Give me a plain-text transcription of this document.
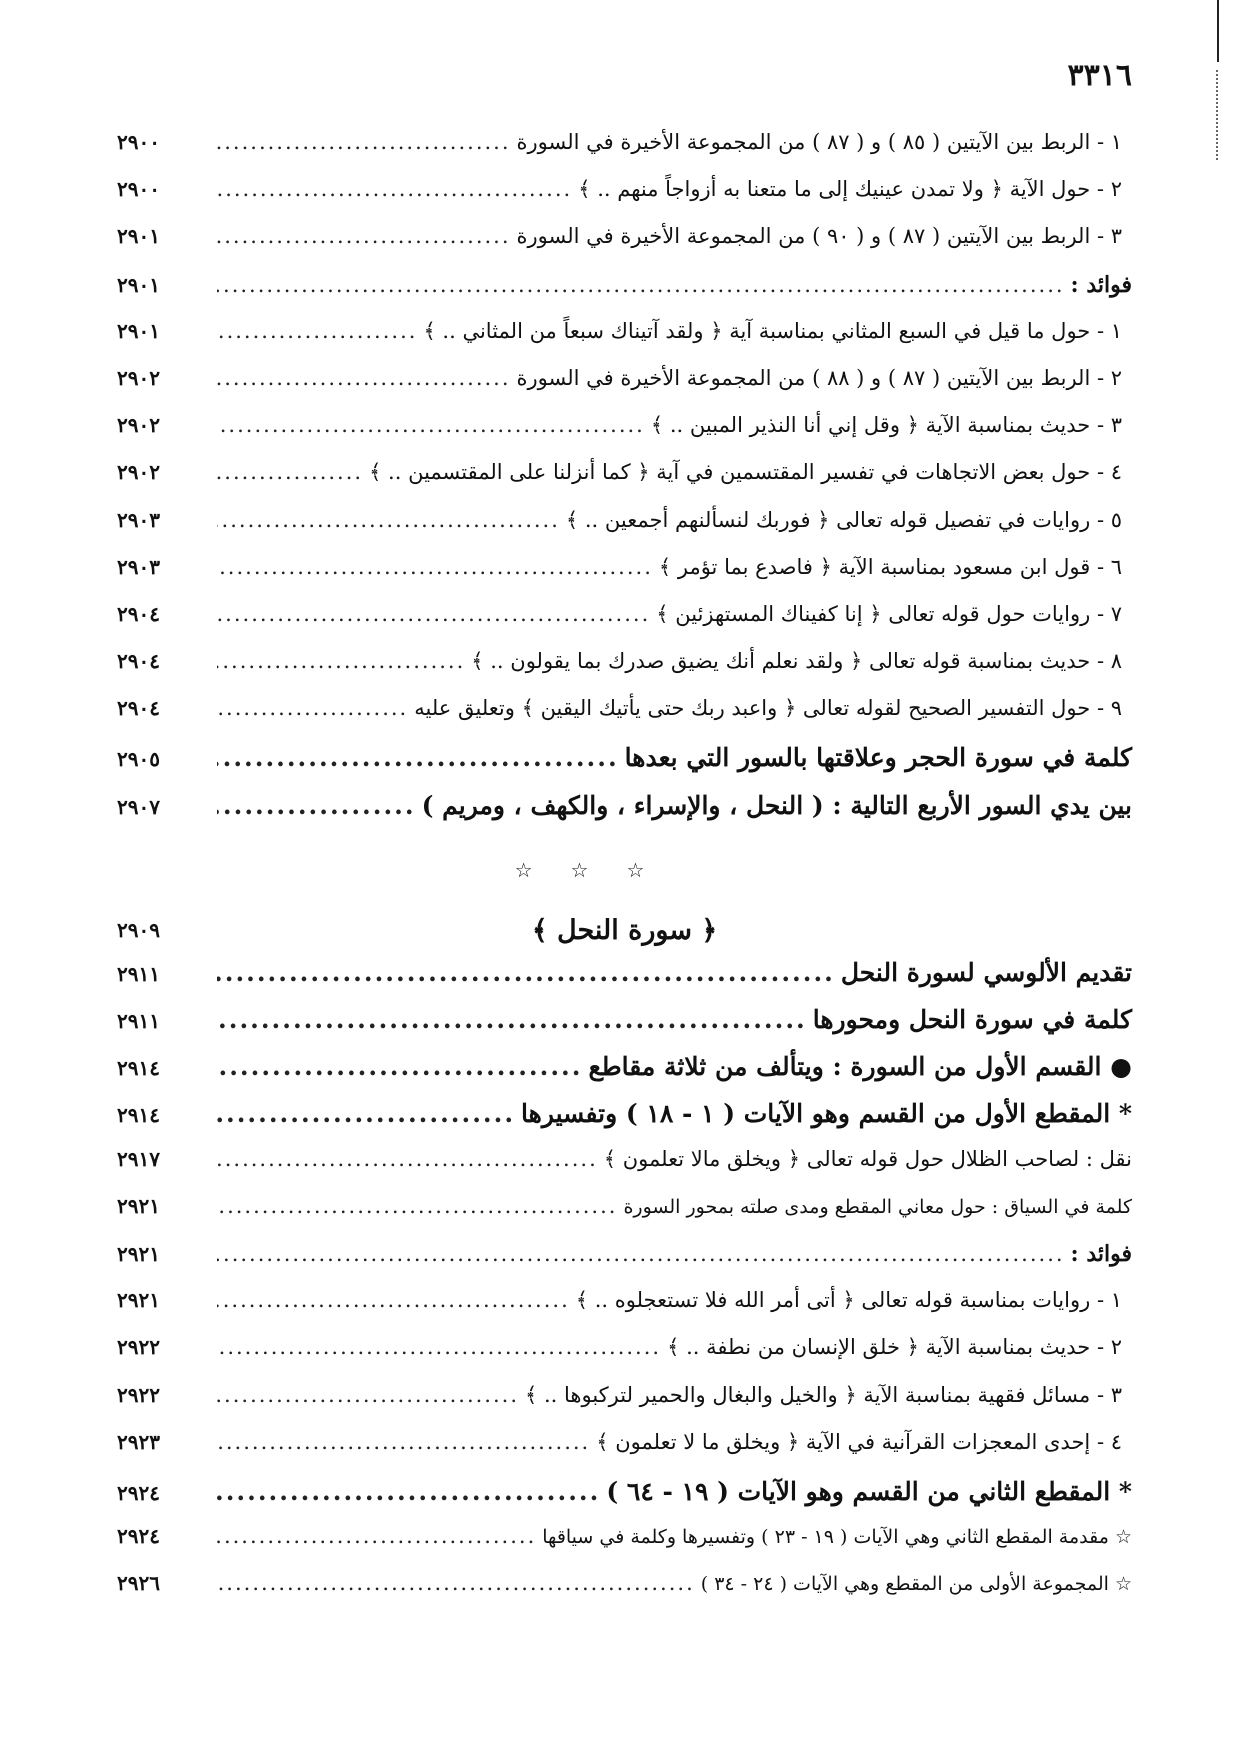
٣٣١٦
١ - الربط بين الآيتين ( ٨٥ ) و ( ٨٧ ) من المجموعة الأخيرة في السورة
.....
٢٩٠٠
٢ - حول الآية ﴿ ولا تمدن عينيك إلى ما متعنا به أزواجاً منهم .. ﴾
.....
٢٩٠٠
٣ - الربط بين الآيتين ( ٨٧ ) و ( ٩٠ ) من المجموعة الأخيرة في السورة
.....
٢٩٠١
فوائد :
.....
٢٩٠١
١ - حول ما قيل في السبع المثاني بمناسبة آية ﴿ ولقد آتيناك سبعاً من المثاني .. ﴾
.....
٢٩٠١
٢ - الربط بين الآيتين ( ٨٧ ) و ( ٨٨ ) من المجموعة الأخيرة في السورة
.....
٢٩٠٢
٣ - حديث بمناسبة الآية ﴿ وقل إني أنا النذير المبين .. ﴾
.....
٢٩٠٢
٤ - حول بعض الاتجاهات في تفسير المقتسمين في آية ﴿ كما أنزلنا على المقتسمين .. ﴾
.....
٢٩٠٢
٥ - روايات في تفصيل قوله تعالى ﴿ فوربك لنسألنهم أجمعين .. ﴾
.....
٢٩٠٣
٦ - قول ابن مسعود بمناسبة الآية ﴿ فاصدع بما تؤمر ﴾
.....
٢٩٠٣
٧ - روايات حول قوله تعالى ﴿ إنا كفيناك المستهزئين ﴾
.....
٢٩٠٤
٨ - حديث بمناسبة قوله تعالى ﴿ ولقد نعلم أنك يضيق صدرك بما يقولون .. ﴾
.....
٢٩٠٤
٩ - حول التفسير الصحيح لقوله تعالى ﴿ واعبد ربك حتى يأتيك اليقين ﴾ وتعليق عليه
.....
٢٩٠٤
كلمة في سورة الحجر وعلاقتها بالسور التي بعدها
.....
٢٩٠٥
بين يدي السور الأربع التالية : ( النحل ، والإسراء ، والكهف ، ومريم )
.....
٢٩٠٧
☆
☆
☆
﴿ سورة النحل ﴾
٢٩٠٩
تقديم الألوسي لسورة النحل
.....
٢٩١١
كلمة في سورة النحل ومحورها
.....
٢٩١١
● القسم الأول من السورة : ويتألف من ثلاثة مقاطع
.....
٢٩١٤
* المقطع الأول من القسم وهو الآيات ( ١ - ١٨ ) وتفسيرها
.....
٢٩١٤
نقل : لصاحب الظلال حول قوله تعالى ﴿ ويخلق مالا تعلمون ﴾
.....
٢٩١٧
كلمة في السياق : حول معاني المقطع ومدى صلته بمحور السورة
.....
٢٩٢١
فوائد :
.....
٢٩٢١
١ - روايات بمناسبة قوله تعالى ﴿ أتى أمر الله فلا تستعجلوه .. ﴾
.....
٢٩٢١
٢ - حديث بمناسبة الآية ﴿ خلق الإنسان من نطفة .. ﴾
.....
٢٩٢٢
٣ - مسائل فقهية بمناسبة الآية ﴿ والخيل والبغال والحمير لتركبوها .. ﴾
.....
٢٩٢٢
٤ - إحدى المعجزات القرآنية في الآية ﴿ ويخلق ما لا تعلمون ﴾
.....
٢٩٢٣
* المقطع الثاني من القسم وهو الآيات ( ١٩ - ٦٤ )
.....
٢٩٢٤
☆ مقدمة المقطع الثاني وهي الآيات ( ١٩ - ٢٣ ) وتفسيرها وكلمة في سياقها
.....
٢٩٢٤
☆ المجموعة الأولى من المقطع وهي الآيات ( ٢٤ - ٣٤ )
.....
٢٩٢٦
